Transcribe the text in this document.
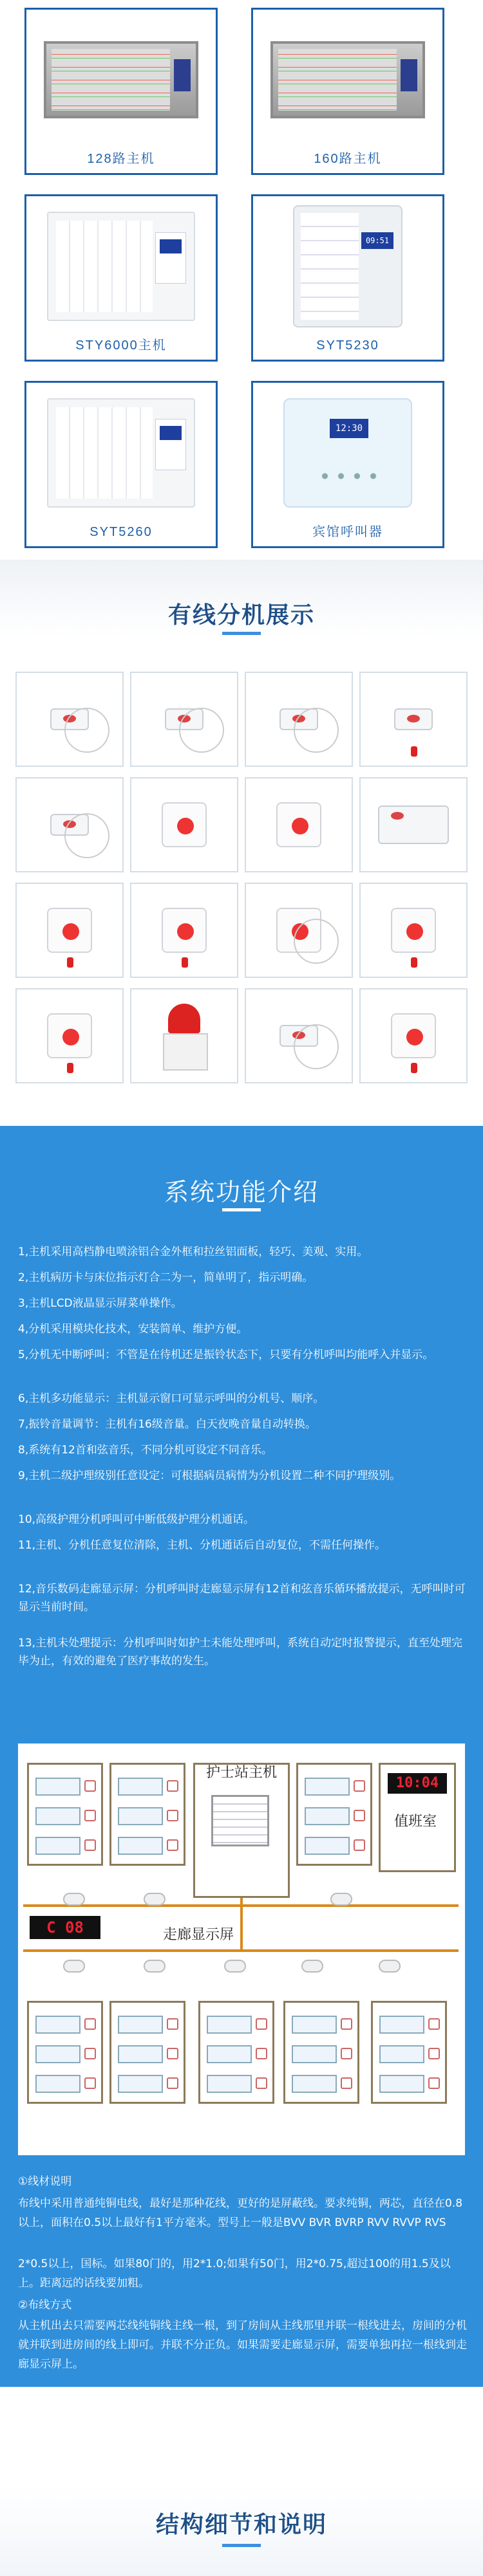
128路主机	160路主机
STY6000主机
09:51
SYT5230
SYT5260
12:30
宾馆呼叫器
有线分机展示
系统功能介绍
1,主机采用高档静电喷涂铝合金外框和拉丝铝面板，轻巧、美观、实用。
2,主机病历卡与床位指示灯合二为一，简单明了，指示明确。
3,主机LCD液晶显示屏菜单操作。
4,分机采用模块化技术，安装简单、维护方便。
5,分机无中断呼叫：不管是在待机还是振铃状态下，只要有分机呼叫均能呼入并显示。
6,主机多功能显示：主机显示窗口可显示呼叫的分机号、顺序。
7,振铃音量调节：主机有16级音量。白天夜晚音量自动转换。
8,系统有12首和弦音乐，不同分机可设定不同音乐。
9,主机二级护理级别任意设定：可根据病员病情为分机设置二种不同护理级别。
10,高级护理分机呼叫可中断低级护理分机通话。
11,主机、分机任意复位清除，主机、分机通话后自动复位，不需任何操作。
12,音乐数码走廊显示屏：分机呼叫时走廊显示屏有12首和弦音乐循环播放提示，无呼叫时可显示当前时间。
13,主机未处理提示：分机呼叫时如护士未能处理呼叫，系统自动定时报警提示，直至处理完毕为止，有效的避免了医疗事故的发生。
护士站主机
10:04
值班室
C 08	走廊显示屏
①线材说明
布线中采用普通纯铜电线，最好是那种花线，更好的是屏蔽线。要求纯铜，两芯，直径在0.8以上，面积在0.5以上最好有1平方毫米。型号上一般是BVV BVR BVRP RVV RVVP RVS
2*0.5以上，国标。如果80门的，用2*1.0;如果有50门，用2*0.75,超过100的用1.5及以上。距离远的话线要加粗。
②布线方式
从主机出去只需要两芯线纯铜线主线一根，到了房间从主线那里并联一根线进去，房间的分机就并联到进房间的线上即可。并联不分正负。如果需要走廊显示屏，需要单独再拉一根线到走廊显示屏上。
结构细节和说明
